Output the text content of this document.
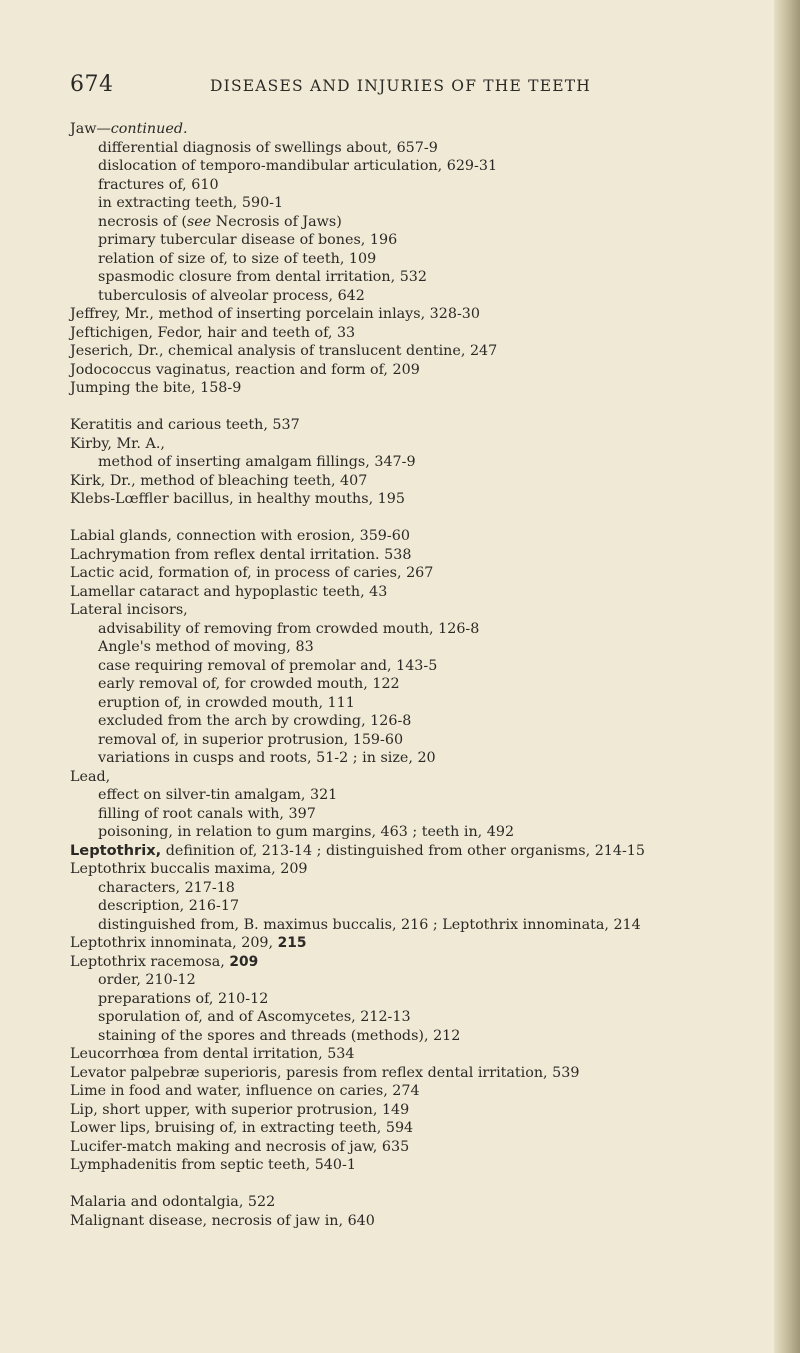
674	DISEASES AND INJURIES OF THE TEETH
Jaw—continued.
differential diagnosis of swellings about, 657-9
dislocation of temporo-mandibular articulation, 629-31
fractures of, 610
in extracting teeth, 590-1
necrosis of (see Necrosis of Jaws)
primary tubercular disease of bones, 196
relation of size of, to size of teeth, 109
spasmodic closure from dental irritation, 532
tuberculosis of alveolar process, 642
Jeffrey, Mr., method of inserting porcelain inlays, 328-30
Jeftichigen, Fedor, hair and teeth of, 33
Jeserich, Dr., chemical analysis of translucent dentine, 247
Jodococcus vaginatus, reaction and form of, 209
Jumping the bite, 158-9
Keratitis and carious teeth, 537
Kirby, Mr. A.,
method of inserting amalgam fillings, 347-9
Kirk, Dr., method of bleaching teeth, 407
Klebs-Lœffler bacillus, in healthy mouths, 195
Labial glands, connection with erosion, 359-60
Lachrymation from reflex dental irritation. 538
Lactic acid, formation of, in process of caries, 267
Lamellar cataract and hypoplastic teeth, 43
Lateral incisors,
advisability of removing from crowded mouth, 126-8
Angle's method of moving, 83
case requiring removal of premolar and, 143-5
early removal of, for crowded mouth, 122
eruption of, in crowded mouth, 111
excluded from the arch by crowding, 126-8
removal of, in superior protrusion, 159-60
variations in cusps and roots, 51-2 ; in size, 20
Lead,
effect on silver-tin amalgam, 321
filling of root canals with, 397
poisoning, in relation to gum margins, 463 ; teeth in, 492
Leptothrix, definition of, 213-14 ; distinguished from other organisms, 214-15
Leptothrix buccalis maxima, 209
characters, 217-18
description, 216-17
distinguished from, B. maximus buccalis, 216 ; Leptothrix innominata, 214
Leptothrix innominata, 209, 215
Leptothrix racemosa, 209
order, 210-12
preparations of, 210-12
sporulation of, and of Ascomycetes, 212-13
staining of the spores and threads (methods), 212
Leucorrhœa from dental irritation, 534
Levator palpebræ superioris, paresis from reflex dental irritation, 539
Lime in food and water, influence on caries, 274
Lip, short upper, with superior protrusion, 149
Lower lips, bruising of, in extracting teeth, 594
Lucifer-match making and necrosis of jaw, 635
Lymphadenitis from septic teeth, 540-1
Malaria and odontalgia, 522
Malignant disease, necrosis of jaw in, 640
